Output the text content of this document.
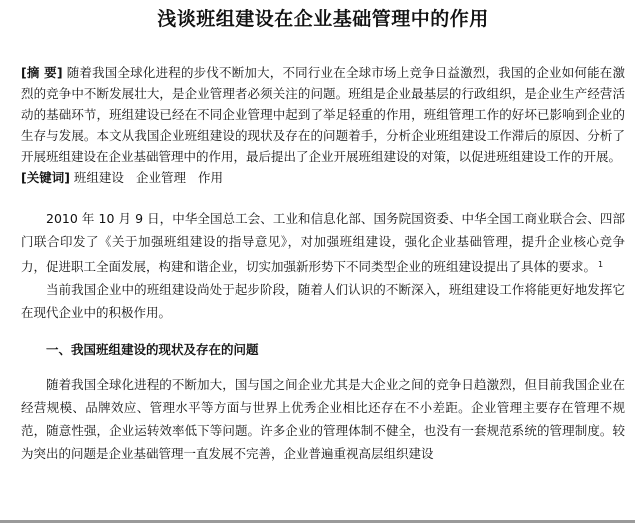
浅谈班组建设在企业基础管理中的作用

[摘 要] 随着我国全球化进程的步伐不断加大，不同行业在全球市场上竞争日益激烈，我国的企业如何能在激烈的竞争中不断发展壮大，是企业管理者必须关注的问题。班组是企业最基层的行政组织，是企业生产经营活动的基础环节，班组建设已经在不同企业管理中起到了举足轻重的作用，班组管理工作的好坏已影响到企业的生存与发展。本文从我国企业班组建设的现状及存在的问题着手，分析企业班组建设工作滞后的原因、分析了开展班组建设在企业基础管理中的作用，最后提出了企业开展班组建设的对策，以促进班组建设工作的开展。

[关键词] 班组建设 企业管理 作用

2010 年 10 月 9 日，中华全国总工会、工业和信息化部、国务院国资委、中华全国工商业联合会、四部门联合印发了《关于加强班组建设的指导意见》，对加强班组建设，强化企业基础管理，提升企业核心竞争力，促进职工全面发展，构建和谐企业，切实加强新形势下不同类型企业的班组建设提出了具体的要求。 $^1$

当前我国企业中的班组建设尚处于起步阶段，随着人们认识的不断深入，班组建设工作将能更好地发挥它在现代企业中的积极作用。

一、我国班组建设的现状及存在的问题

随着我国全球化进程的不断加大，国与国之间企业尤其是大企业之间的竞争日趋激烈，但目前我国企业在经营规模、品牌效应、管理水平等方面与世界上优秀企业相比还存在不小差距。企业管理主要存在管理不规范，随意性强，企业运转效率低下等问题。许多企业的管理体制不健全，也没有一套规范系统的管理制度。较为突出的问题是企业基础管理一直发展不完善，企业普遍重视高层组织建设
